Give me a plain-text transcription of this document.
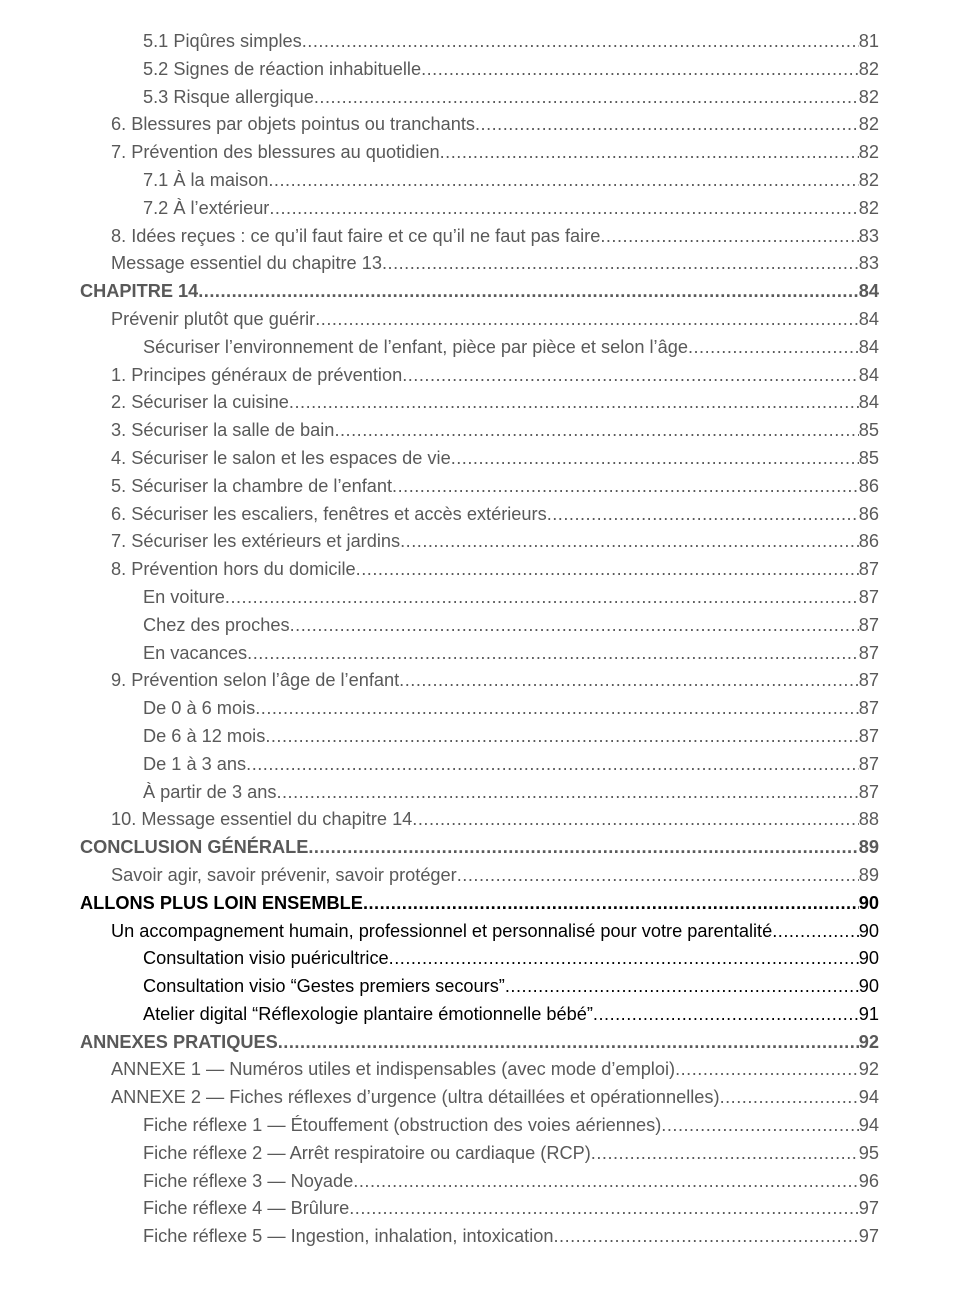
5.1 Piqûres simples .....	81
5.2 Signes de réaction inhabituelle .....	82
5.3 Risque allergique .....	82
6. Blessures par objets pointus ou tranchants .....	82
7. Prévention des blessures au quotidien .....	82
7.1 À la maison .....	82
7.2 À l’extérieur .....	82
8. Idées reçues : ce qu’il faut faire et ce qu’il ne faut pas faire .....	83
Message essentiel du chapitre 13 .....	83
CHAPITRE 14 .....	84
Prévenir plutôt que guérir .....	84
Sécuriser l’environnement de l’enfant, pièce par pièce et selon l’âge .....	84
1. Principes généraux de prévention .....	84
2. Sécuriser la cuisine .....	84
3. Sécuriser la salle de bain .....	85
4. Sécuriser le salon et les espaces de vie .....	85
5. Sécuriser la chambre de l’enfant .....	86
6. Sécuriser les escaliers, fenêtres et accès extérieurs .....	86
7. Sécuriser les extérieurs et jardins .....	86
8. Prévention hors du domicile .....	87
En voiture .....	87
Chez des proches .....	87
En vacances .....	87
9. Prévention selon l’âge de l’enfant .....	87
De 0 à 6 mois .....	87
De 6 à 12 mois .....	87
De 1 à 3 ans .....	87
À partir de 3 ans .....	87
10. Message essentiel du chapitre 14 .....	88
CONCLUSION GÉNÉRALE .....	89
Savoir agir, savoir prévenir, savoir protéger .....	89
ALLONS PLUS LOIN ENSEMBLE .....	90
Un accompagnement humain, professionnel et personnalisé pour votre parentalité .....	90
Consultation visio puéricultrice .....	90
Consultation visio “Gestes premiers secours” .....	90
Atelier digital “Réflexologie plantaire émotionnelle bébé” .....	91
ANNEXES PRATIQUES .....	92
ANNEXE 1 — Numéros utiles et indispensables (avec mode d’emploi) .....	92
ANNEXE 2 — Fiches réflexes d’urgence (ultra détaillées et opérationnelles) .....	94
Fiche réflexe 1 — Étouffement (obstruction des voies aériennes) .....	94
Fiche réflexe 2 — Arrêt respiratoire ou cardiaque (RCP) .....	95
Fiche réflexe 3 — Noyade .....	96
Fiche réflexe 4 — Brûlure .....	97
Fiche réflexe 5 — Ingestion, inhalation, intoxication .....	97
